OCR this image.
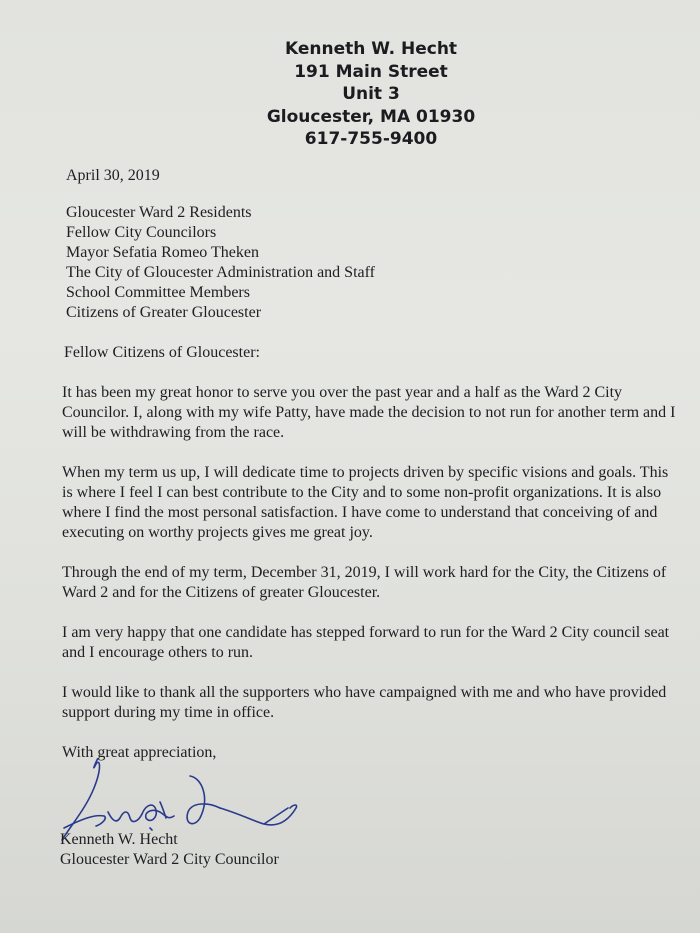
Kenneth W. Hecht
191 Main Street
Unit 3
Gloucester, MA 01930
617-755-9400
April 30, 2019
Gloucester Ward 2 Residents
Fellow City Councilors
Mayor Sefatia Romeo Theken
The City of Gloucester Administration and Staff
School Committee Members
Citizens of Greater Gloucester
Fellow Citizens of Gloucester:

It has been my great honor to serve you over the past year and a half as the Ward 2 City Councilor. I, along with my wife Patty, have made the decision to not run for another term and I will be withdrawing from the race.

When my term us up, I will dedicate time to projects driven by specific visions and goals. This is where I feel I can best contribute to the City and to some non-profit organizations. It is also where I find the most personal satisfaction. I have come to understand that conceiving of and executing on worthy projects gives me great joy.

Through the end of my term, December 31, 2019, I will work hard for the City, the Citizens of Ward 2 and for the Citizens of greater Gloucester.

I am very happy that one candidate has stepped forward to run for the Ward 2 City council seat and I encourage others to run.

I would like to thank all the supporters who have campaigned with me and who have provided support during my time in office.

With great appreciation,
Kenneth W. Hecht
Gloucester Ward 2 City Councilor
